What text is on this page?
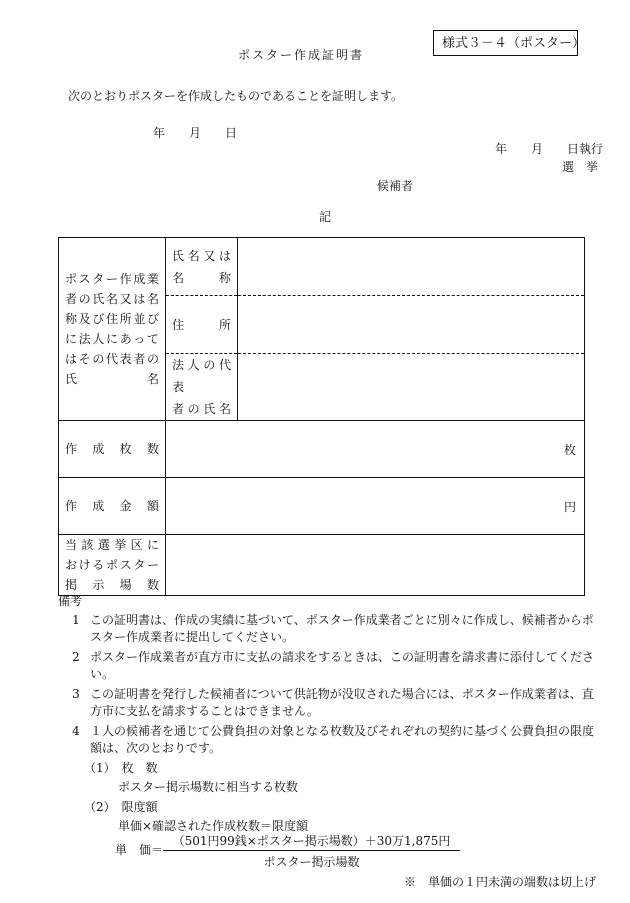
様式３－４（ポスター）
ポスター作成証明書
次のとおりポスターを作成したものであることを証明します。
年　　月　　日
年　　月　　日執行
選　挙
候補者
記
ポスター作成業者の氏名又は名称及び住所並びに法人にあってはその代表者の氏名	氏名又は
名称	

	住所	

	法人の代表
者の氏名	

作成枚数	枚	

作成金額	円	

当該選挙区に
おけるポスター
掲示場数		

備考
1 この証明書は、作成の実績に基づいて、ポスター作成業者ごとに別々に作成し、候補者からポスター作成業者に提出してください。
2 ポスター作成業者が直方市に支払の請求をするときは、この証明書を請求書に添付してください。
3 この証明書を発行した候補者について供託物が没収された場合には、ポスター作成業者は、直方市に支払を請求することはできません。
4 １人の候補者を通じて公費負担の対象となる枚数及びそれぞれの契約に基づく公費負担の限度額は、次のとおりです。
（1）　枚　数
ポスター掲示場数に相当する枚数
（2）　限度額
単価×確認された作成枚数＝限度額
単　価＝
（501円99銭×ポスター掲示場数）＋30万1,875円
ポスター掲示場数
※　単価の１円未満の端数は切上げ
